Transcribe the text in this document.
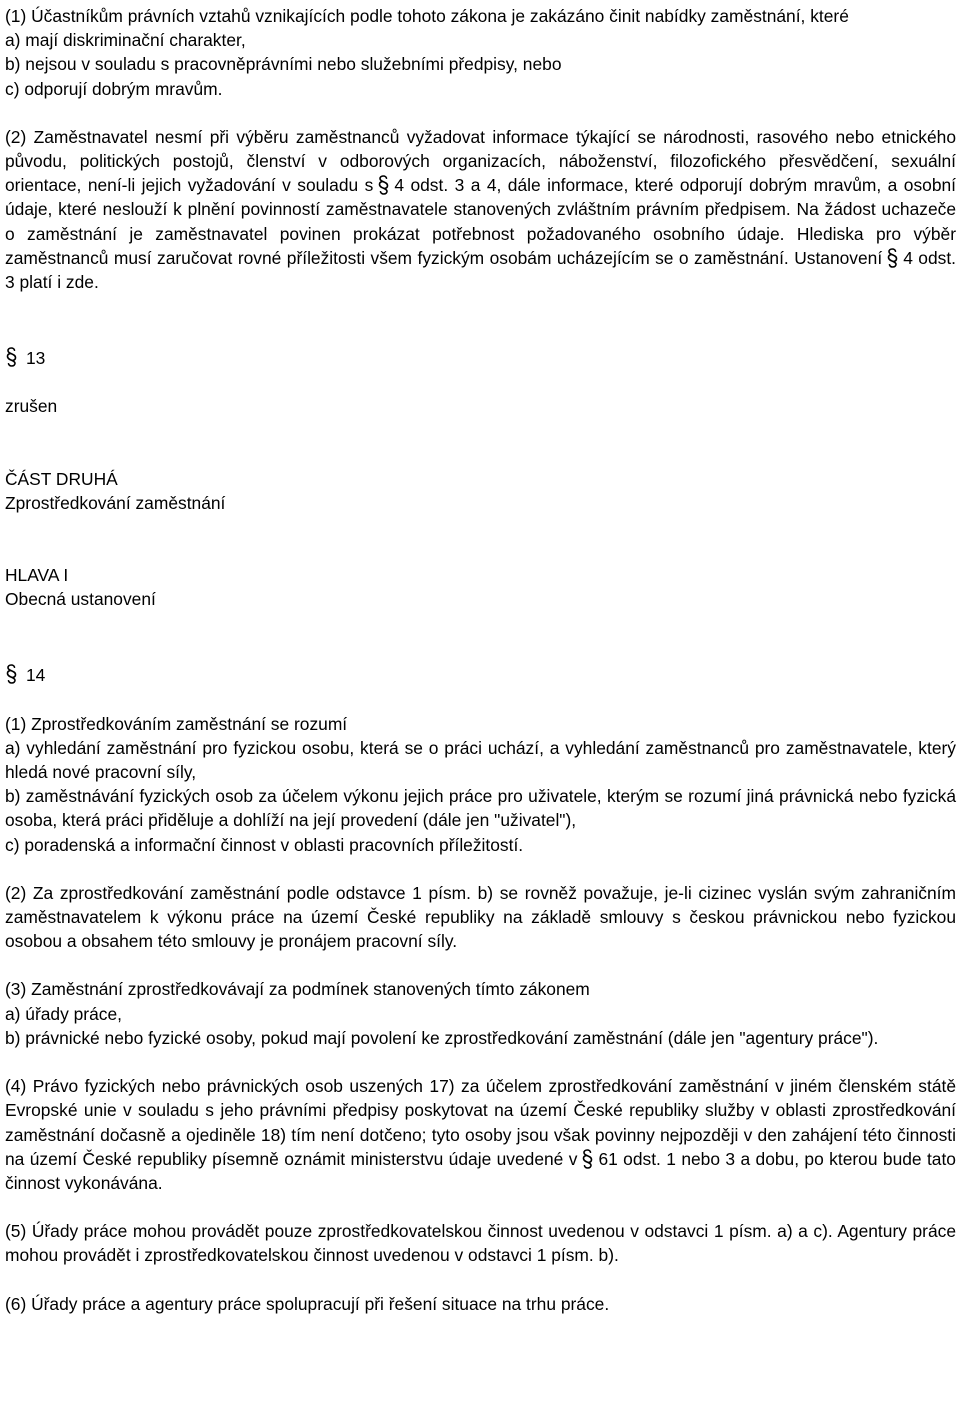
(1) Účastníkům právních vztahů vznikajících podle tohoto zákona je zakázáno činit nabídky zaměstnání, které
a) mají diskriminační charakter,
b) nejsou v souladu s pracovněprávními nebo služebními předpisy, nebo
c) odporují dobrým mravům.
(2) Zaměstnavatel nesmí při výběru zaměstnanců vyžadovat informace týkající se národnosti, rasového nebo etnického původu, politických postojů, členství v odborových organizacích, náboženství, filozofického přesvědčení, sexuální orientace, není-li jejich vyžadování v souladu s 4 odst. 3 a 4, dále informace, které odporují dobrým mravům, a osobní údaje, které neslouží k plnění povinností zaměstnavatele stanovených zvláštním právním předpisem. Na žádost uchazeče o zaměstnání je zaměstnavatel povinen prokázat potřebnost požadovaného osobního údaje. Hlediska pro výběr zaměstnanců musí zaručovat rovné příležitosti všem fyzickým osobám ucházejícím se o zaměstnání. Ustanovení 4 odst. 3 platí i zde.
13
zrušen
ČÁST DRUHÁ
Zprostředkování zaměstnání
HLAVA I
Obecná ustanovení
14
(1) Zprostředkováním zaměstnání se rozumí
a) vyhledání zaměstnání pro fyzickou osobu, která se o práci uchází, a vyhledání zaměstnanců pro zaměstnavatele, který hledá nové pracovní síly,
b) zaměstnávání fyzických osob za účelem výkonu jejich práce pro uživatele, kterým se rozumí jiná právnická nebo fyzická osoba, která práci přiděluje a dohlíží na její provedení (dále jen "uživatel"),
c) poradenská a informační činnost v oblasti pracovních příležitostí.
(2) Za zprostředkování zaměstnání podle odstavce 1 písm. b) se rovněž považuje, je-li cizinec vyslán svým zahraničním zaměstnavatelem k výkonu práce na území České republiky na základě smlouvy s českou právnickou nebo fyzickou osobou a obsahem této smlouvy je pronájem pracovní síly.
(3) Zaměstnání zprostředkovávají za podmínek stanovených tímto zákonem
a) úřady práce,
b) právnické nebo fyzické osoby, pokud mají povolení ke zprostředkování zaměstnání (dále jen "agentury práce").
(4) Právo fyzických nebo právnických osob uszených 17) za účelem zprostředkování zaměstnání v jiném členském státě Evropské unie v souladu s jeho právními předpisy poskytovat na území České republiky služby v oblasti zprostředkování zaměstnání dočasně a ojediněle 18) tím není dotčeno; tyto osoby jsou však povinny nejpozději v den zahájení této činnosti na území České republiky písemně oznámit ministerstvu údaje uvedené v 61 odst. 1 nebo 3 a dobu, po kterou bude tato činnost vykonávána.
(5) Úřady práce mohou provádět pouze zprostředkovatelskou činnost uvedenou v odstavci 1 písm. a) a c). Agentury práce mohou provádět i zprostředkovatelskou činnost uvedenou v odstavci 1 písm. b).
(6) Úřady práce a agentury práce spolupracují při řešení situace na trhu práce.
